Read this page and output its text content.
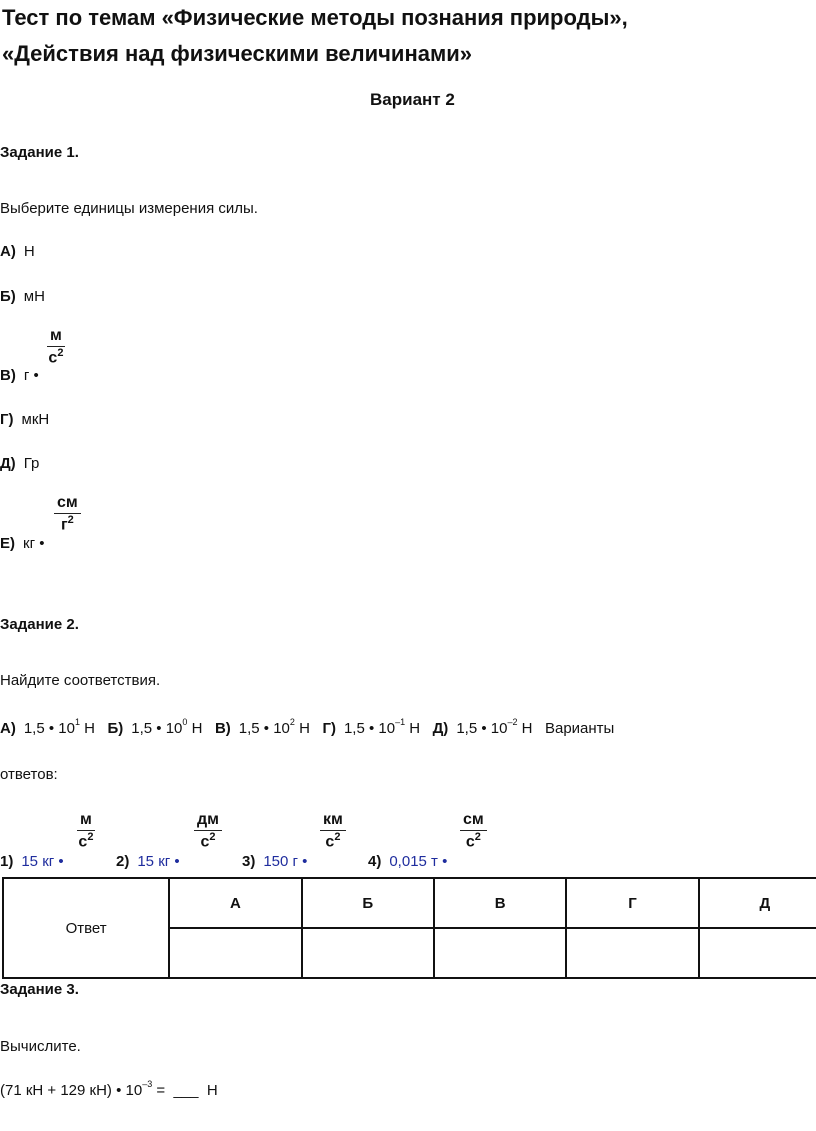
Тест по темам «Физические методы познания природы»,
«Действия над физическими величинами»
Вариант 2
Задание 1.
Выберите единицы измерения силы.
А) Н
Б) мН
В) г •
м
$с^2$
Г) мкН
Д) Гр
Е) кг •
см
$г^2$
Задание 2.
Найдите соответствия.
А) 1,5 • $10^1$ Н Б) 1,5 • $10^0$ Н В) 1,5 • $10^2$ Н Г) 1,5 • $10^{-1}$ Н Д) 1,5 • $10^{-2}$ Н Варианты
ответов:
1) 15 кг •
м
$с^2$
2) 15 кг •
дм
$с^2$
3) 150 г •
км
$с^2$
4) 0,015 т •
см
$с^2$
Ответ	А	Б	В	Г	Д

Задание 3.
Вычислите.
(71 кН + 129 кН) • $10^{-3}$ =  ___  Н
